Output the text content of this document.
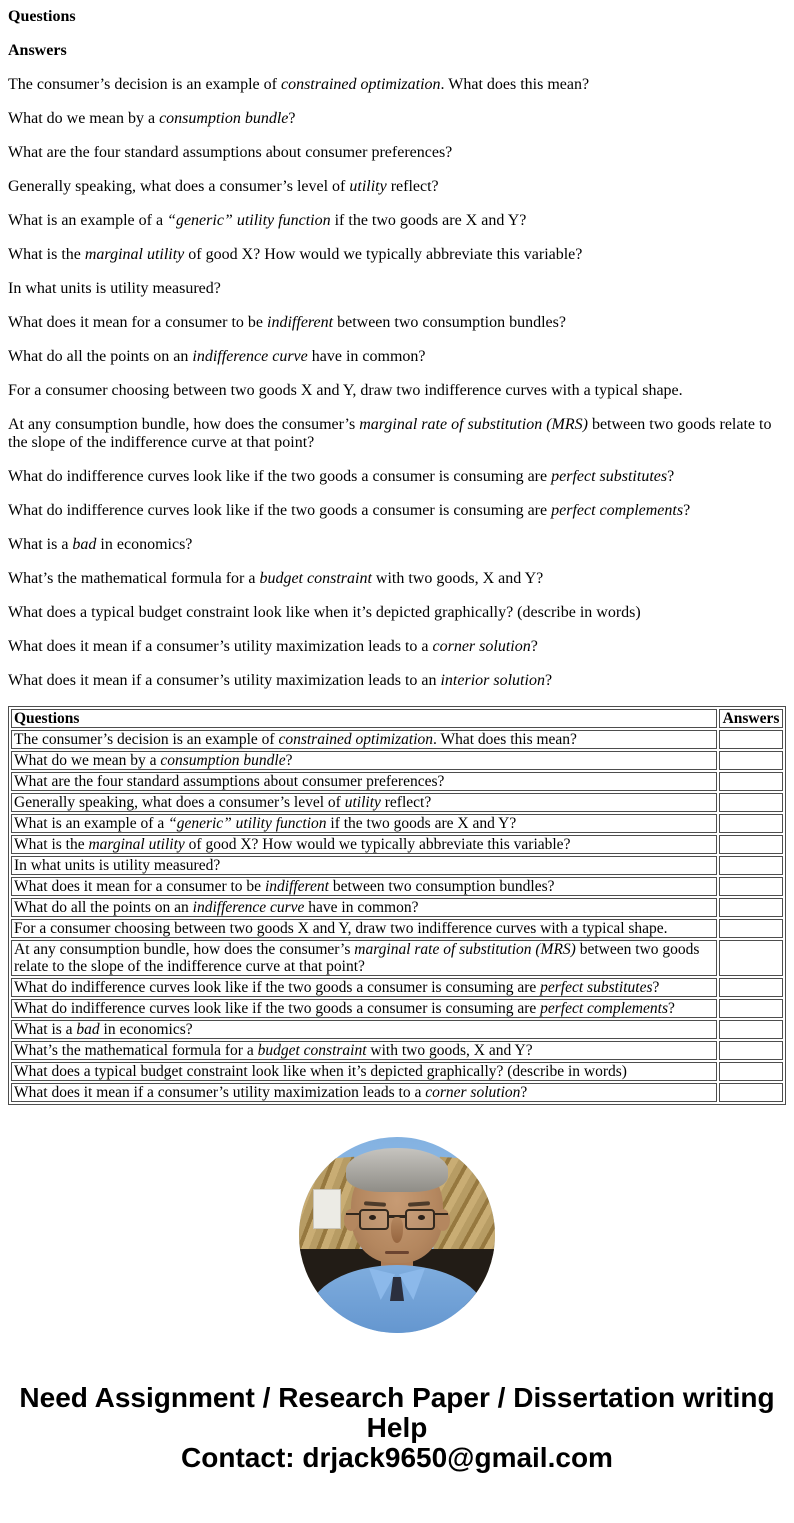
Questions

Answers

The consumer’s decision is an example of constrained optimization. What does this mean?

What do we mean by a consumption bundle?

What are the four standard assumptions about consumer preferences?

Generally speaking, what does a consumer’s level of utility reflect?

What is an example of a “generic” utility function if the two goods are X and Y?

What is the marginal utility of good X? How would we typically abbreviate this variable?

In what units is utility measured?

What does it mean for a consumer to be indifferent between two consumption bundles?

What do all the points on an indifference curve have in common?

For a consumer choosing between two goods X and Y, draw two indifference curves with a typical shape.

At any consumption bundle, how does the consumer’s marginal rate of substitution (MRS) between two goods relate to the slope of the indifference curve at that point?

What do indifference curves look like if the two goods a consumer is consuming are perfect substitutes?

What do indifference curves look like if the two goods a consumer is consuming are perfect complements?

What is a bad in economics?

What’s the mathematical formula for a budget constraint with two goods, X and Y?

What does a typical budget constraint look like when it’s depicted graphically? (describe in words)

What does it mean if a consumer’s utility maximization leads to a corner solution?

What does it mean if a consumer’s utility maximization leads to an interior solution?

Questions	Answers
The consumer’s decision is an example of constrained optimization. What does this mean?	
What do we mean by a consumption bundle?	
What are the four standard assumptions about consumer preferences?	
Generally speaking, what does a consumer’s level of utility reflect?	
What is an example of a “generic” utility function if the two goods are X and Y?	
What is the marginal utility of good X? How would we typically abbreviate this variable?	
In what units is utility measured?	
What does it mean for a consumer to be indifferent between two consumption bundles?	
What do all the points on an indifference curve have in common?	
For a consumer choosing between two goods X and Y, draw two indifference curves with a typical shape.	
At any consumption bundle, how does the consumer’s marginal rate of substitution (MRS) between two goods relate to the slope of the indifference curve at that point?	
What do indifference curves look like if the two goods a consumer is consuming are perfect substitutes?	
What do indifference curves look like if the two goods a consumer is consuming are perfect complements?	
What is a bad in economics?	
What’s the mathematical formula for a budget constraint with two goods, X and Y?	
What does a typical budget constraint look like when it’s depicted graphically? (describe in words)	
What does it mean if a consumer’s utility maximization leads to a corner solution?	
Need Assignment / Research Paper / Dissertation writing Help
Contact: drjack9650@gmail.com
